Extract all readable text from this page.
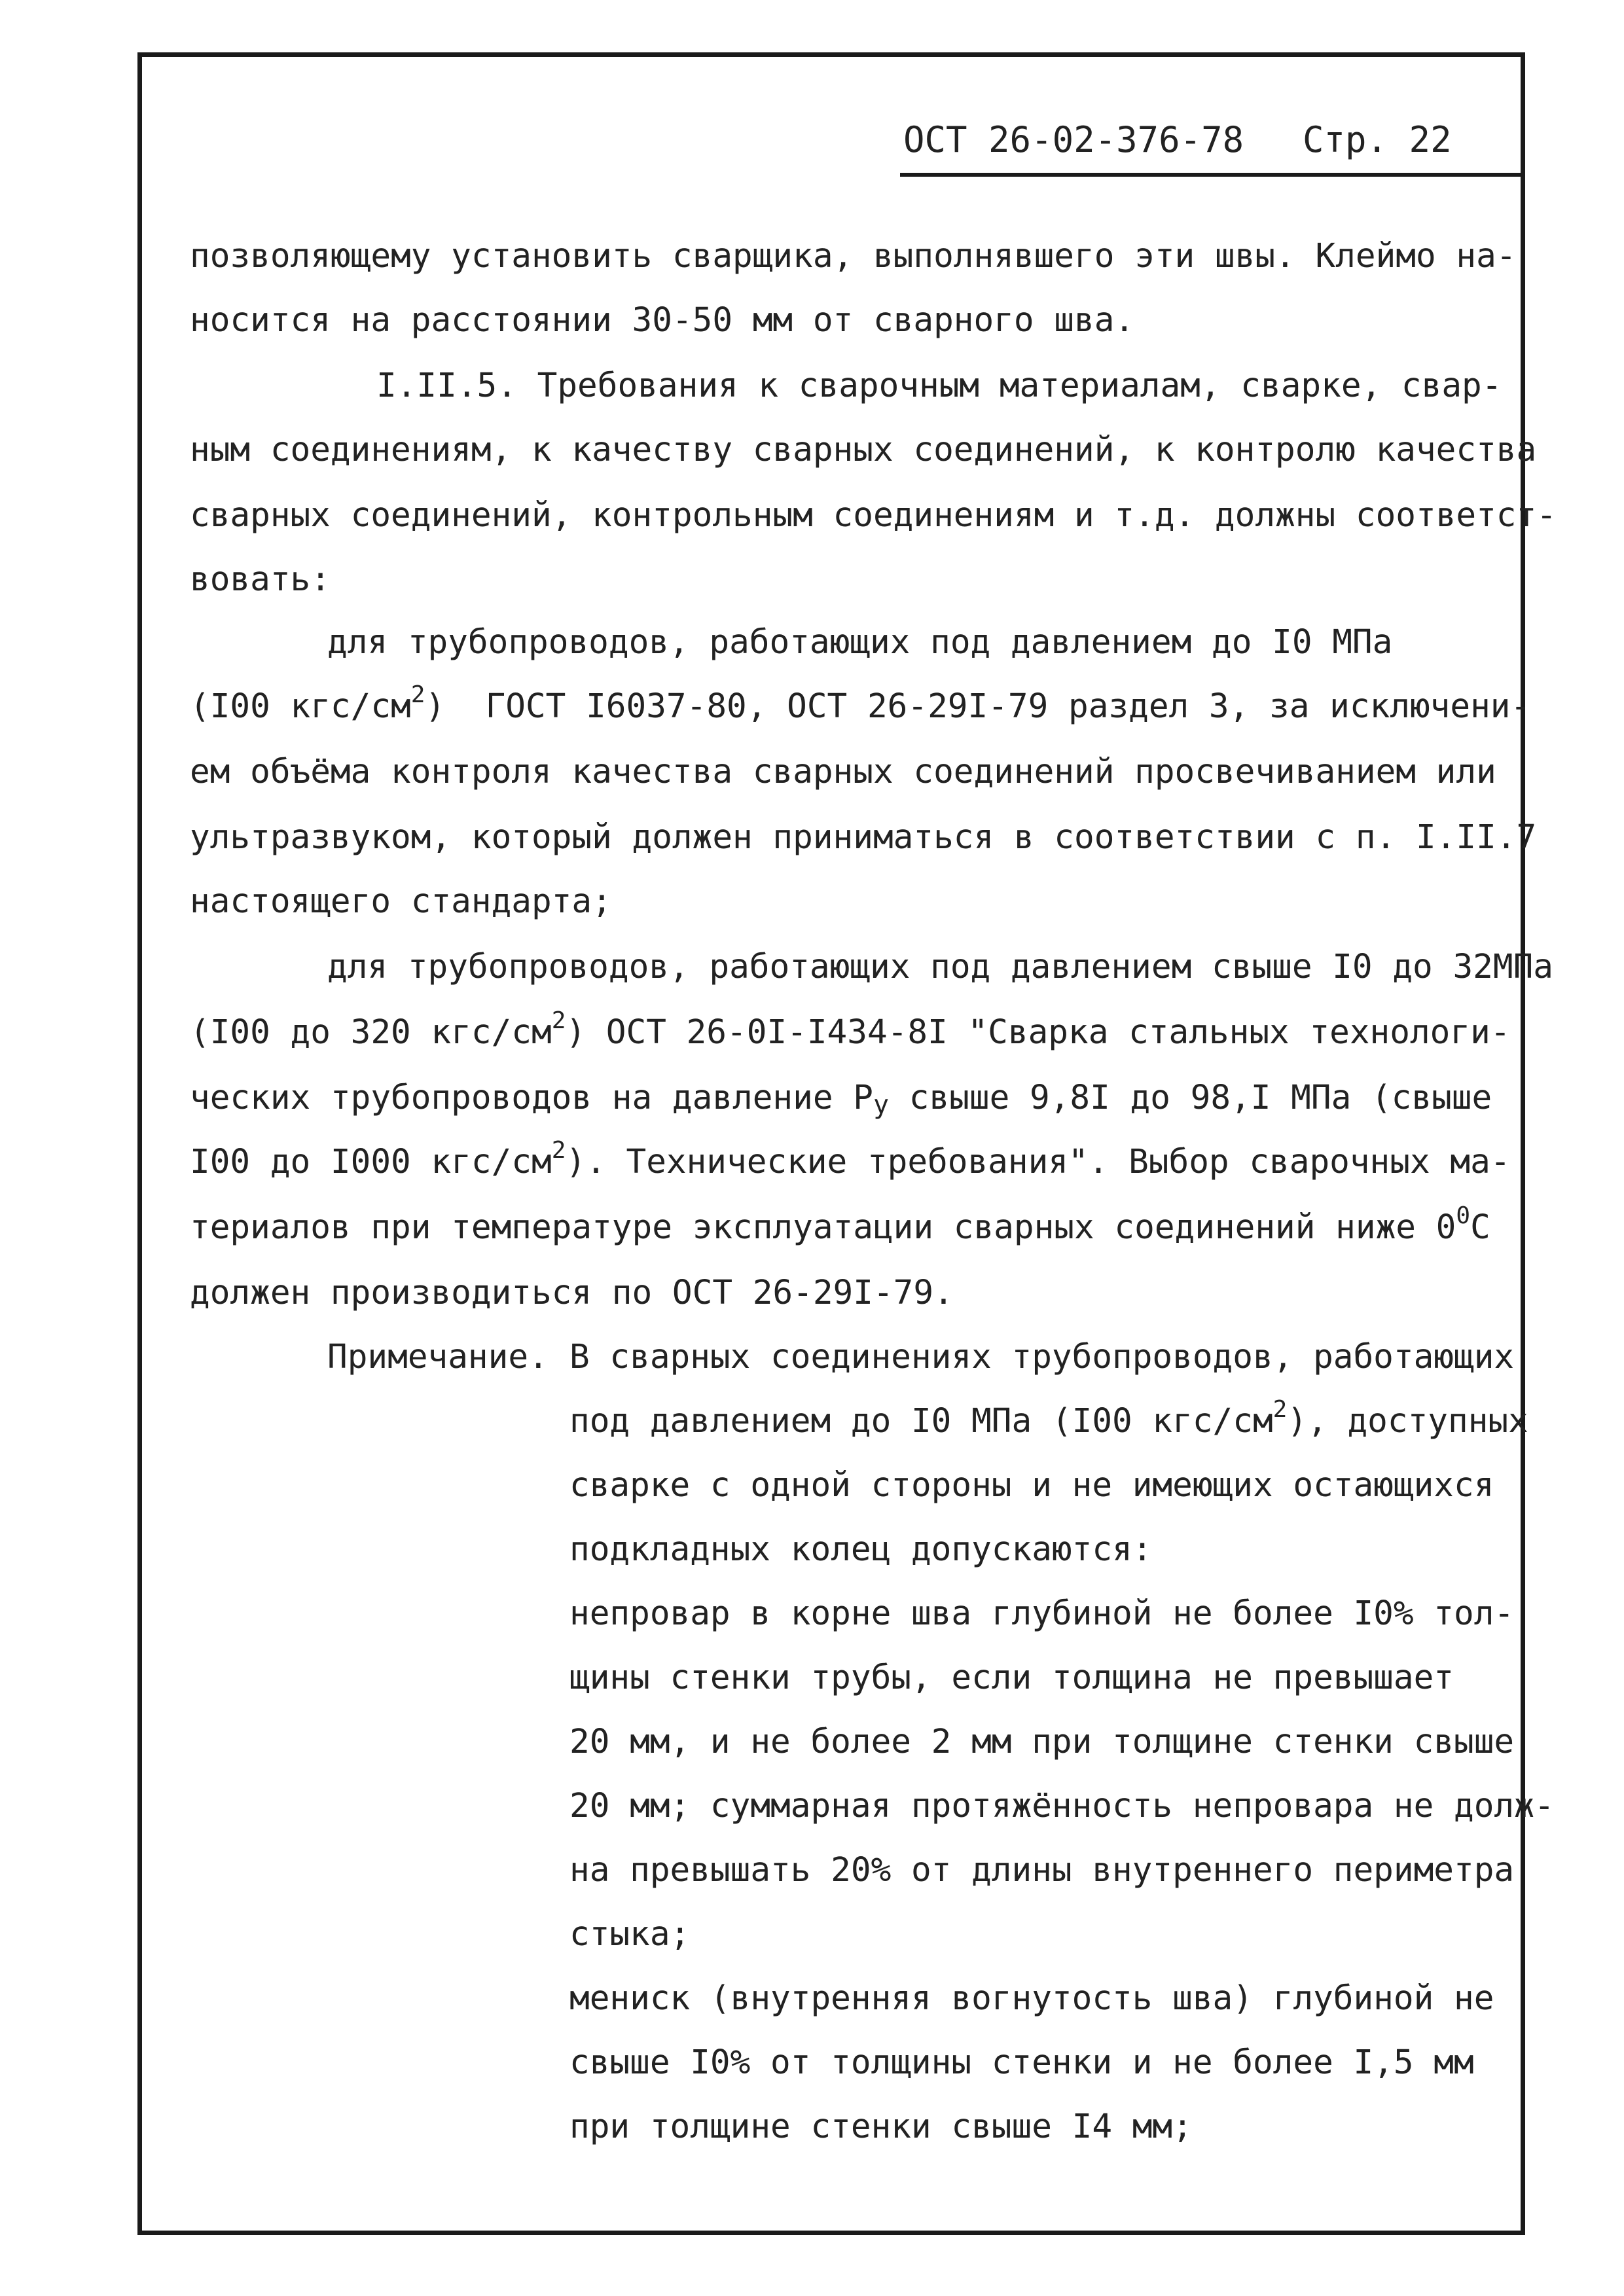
ОСТ 26-02-376-78

Стр. 22

позволяющему установить сварщика, выполнявшего эти швы. Клеймо на-
носится на расстоянии 30-50 мм от сварного шва.
I.II.5. Требования к сварочным материалам, сварке, свар-
ным соединениям, к качеству сварных соединений, к контролю качества
сварных соединений, контрольным соединениям и т.д. должны соответст-
вовать:
для трубопроводов, работающих под давлением до I0 МПа
(I00 кгс/$см^2$)  ГОСТ I6037-80, ОСТ 26-29I-79 раздел 3, за исключени-
ем объёма контроля качества сварных соединений просвечиванием или
ультразвуком, который должен приниматься в соответствии с п. I.II.7
настоящего стандарта;
для трубопроводов, работающих под давлением свыше I0 до 32МПа
(I00 до 320 кгс/$см^2$) ОСТ 26-0I-I434-8I "Сварка стальных технологи-
ческих трубопроводов на давление $Р_у$ свыше 9,8I до 98,I МПа (свыше
I00 до I000 кгс/$см^2$). Технические требования". Выбор сварочных ма-
териалов при температуре эксплуатации сварных соединений ниже $0^0С$
должен производиться по ОСТ 26-29I-79.
Примечание. В сварных соединениях трубопроводов, работающих
под давлением до I0 МПа (I00 кгс/$см^2$), доступных
сварке с одной стороны и не имеющих остающихся
подкладных колец допускаются:
непровар в корне шва глубиной не более I0% тол-
щины стенки трубы, если толщина не превышает
20 мм, и не более 2 мм при толщине стенки свыше
20 мм; суммарная протяжённость непровара не долж-
на превышать 20% от длины внутреннего периметра
стыка;
мениск (внутренняя вогнутость шва) глубиной не
свыше I0% от толщины стенки и не более I,5 мм
при толщине стенки свыше I4 мм;
